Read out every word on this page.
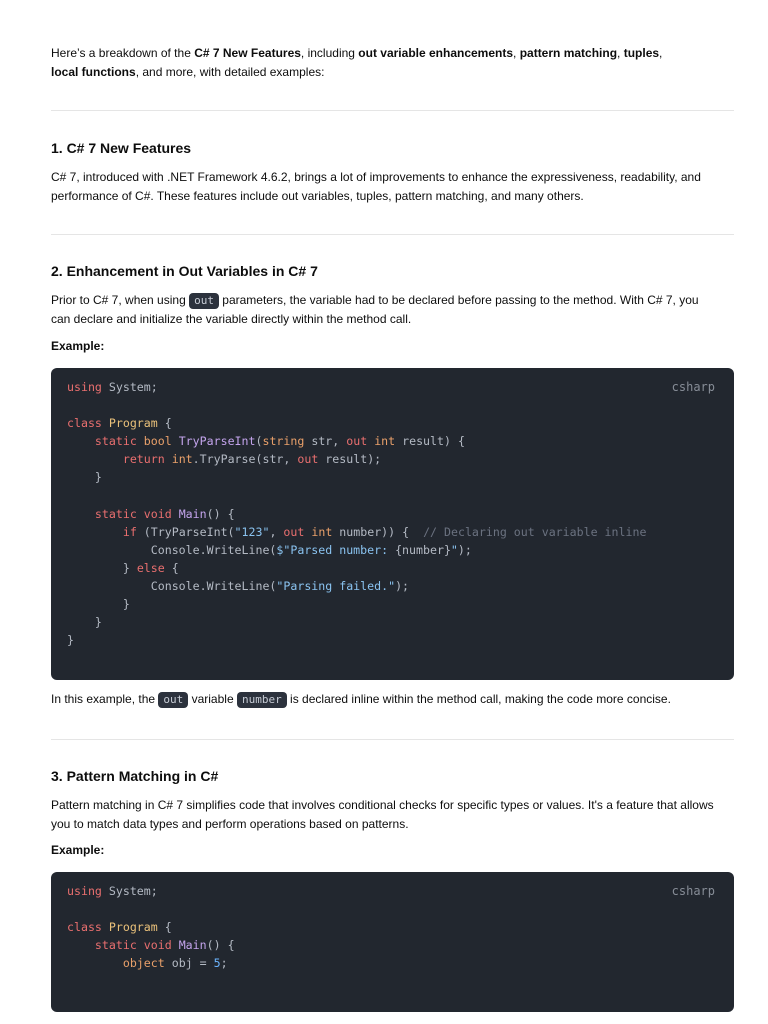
Here’s a breakdown of the C# 7 New Features, including out variable enhancements, pattern matching, tuples,
local functions, and more, with detailed examples:

1. C# 7 New Features

C# 7, introduced with .NET Framework 4.6.2, brings a lot of improvements to enhance the expressiveness, readability, and performance of C#. These features include out variables, tuples, pattern matching, and many others.

2. Enhancement in Out Variables in C# 7

Prior to C# 7, when using out parameters, the variable had to be declared before passing to the method. With C# 7, you can declare and initialize the variable directly within the method call.

Example:

csharp
using System;

class Program {
static bool TryParseInt(string str, out int result) {
return int.TryParse(str, out result);
}

static void Main() {
if (TryParseInt("123", out int number)) {  // Declaring out variable inline
Console.WriteLine($"Parsed number: {number}");
} else {
Console.WriteLine("Parsing failed.");
}
}
}

In this example, the out variable number is declared inline within the method call, making the code more concise.

3. Pattern Matching in C#

Pattern matching in C# 7 simplifies code that involves conditional checks for specific types or values. It's a feature that allows you to match data types and perform operations based on patterns.

Example:

csharp
using System;

class Program {
static void Main() {
object obj = 5;
